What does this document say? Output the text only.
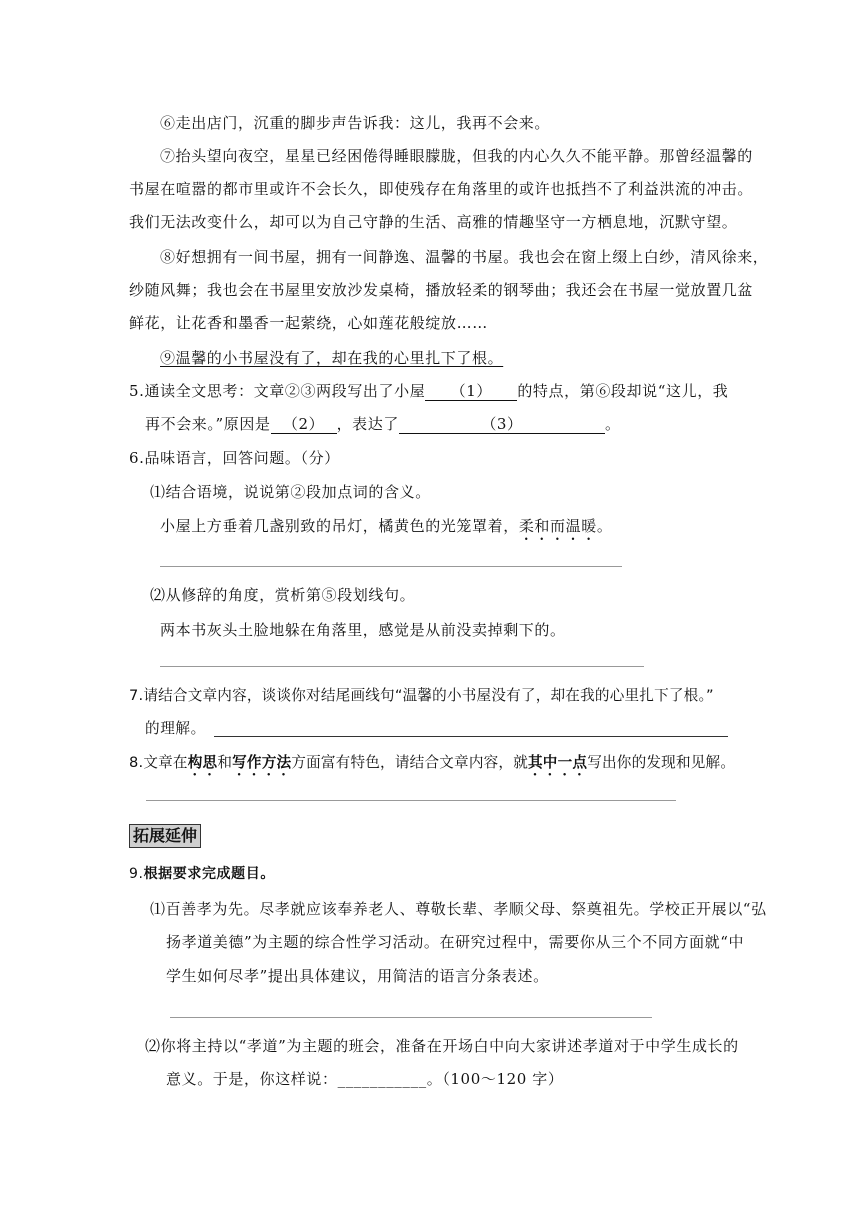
⑥走出店门，沉重的脚步声告诉我：这儿，我再不会来。
⑦抬头望向夜空，星星已经困倦得睡眼朦胧，但我的内心久久不能平静。那曾经温馨的
书屋在喧嚣的都市里或许不会长久，即使残存在角落里的或许也抵挡不了利益洪流的冲击。
我们无法改变什么，却可以为自己守静的生活、高雅的情趣坚守一方栖息地，沉默守望。
⑧好想拥有一间书屋，拥有一间静逸、温馨的书屋。我也会在窗上缀上白纱，清风徐来，
纱随风舞；我也会在书屋里安放沙发桌椅，播放轻柔的钢琴曲；我还会在书屋一觉放置几盆
鲜花，让花香和墨香一起萦绕，心如莲花般绽放……
⑨温馨的小书屋没有了，却在我的心里扎下了根。
5.通读全文思考：文章②③两段写出了小屋 （1） 的特点，第⑥段却说“这儿，我
再不会来。”原因是 （2） ，表达了	（3）	。
6.品味语言，回答问题。（分）
⑴结合语境，说说第②段加点词的含义。
小屋上方垂着几盏别致的吊灯，橘黄色的光笼罩着，柔和而温暖。
⑵从修辞的角度，赏析第⑤段划线句。
两本书灰头土脸地躲在角落里，感觉是从前没卖掉剩下的。
7.请结合文章内容，谈谈你对结尾画线句“温馨的小书屋没有了，却在我的心里扎下了根。”
的理解。
8.文章在构思和写作方法方面富有特色，请结合文章内容，就其中一点写出你的发现和见解。
拓展延伸
9.根据要求完成题目。
⑴百善孝为先。尽孝就应该奉养老人、尊敬长辈、孝顺父母、祭奠祖先。学校正开展以“弘
扬孝道美德”为主题的综合性学习活动。在研究过程中，需要你从三个不同方面就“中
学生如何尽孝”提出具体建议，用简洁的语言分条表述。
⑵你将主持以“孝道”为主题的班会，准备在开场白中向大家讲述孝道对于中学生成长的
意义。于是，你这样说：___________。（100～120 字）
